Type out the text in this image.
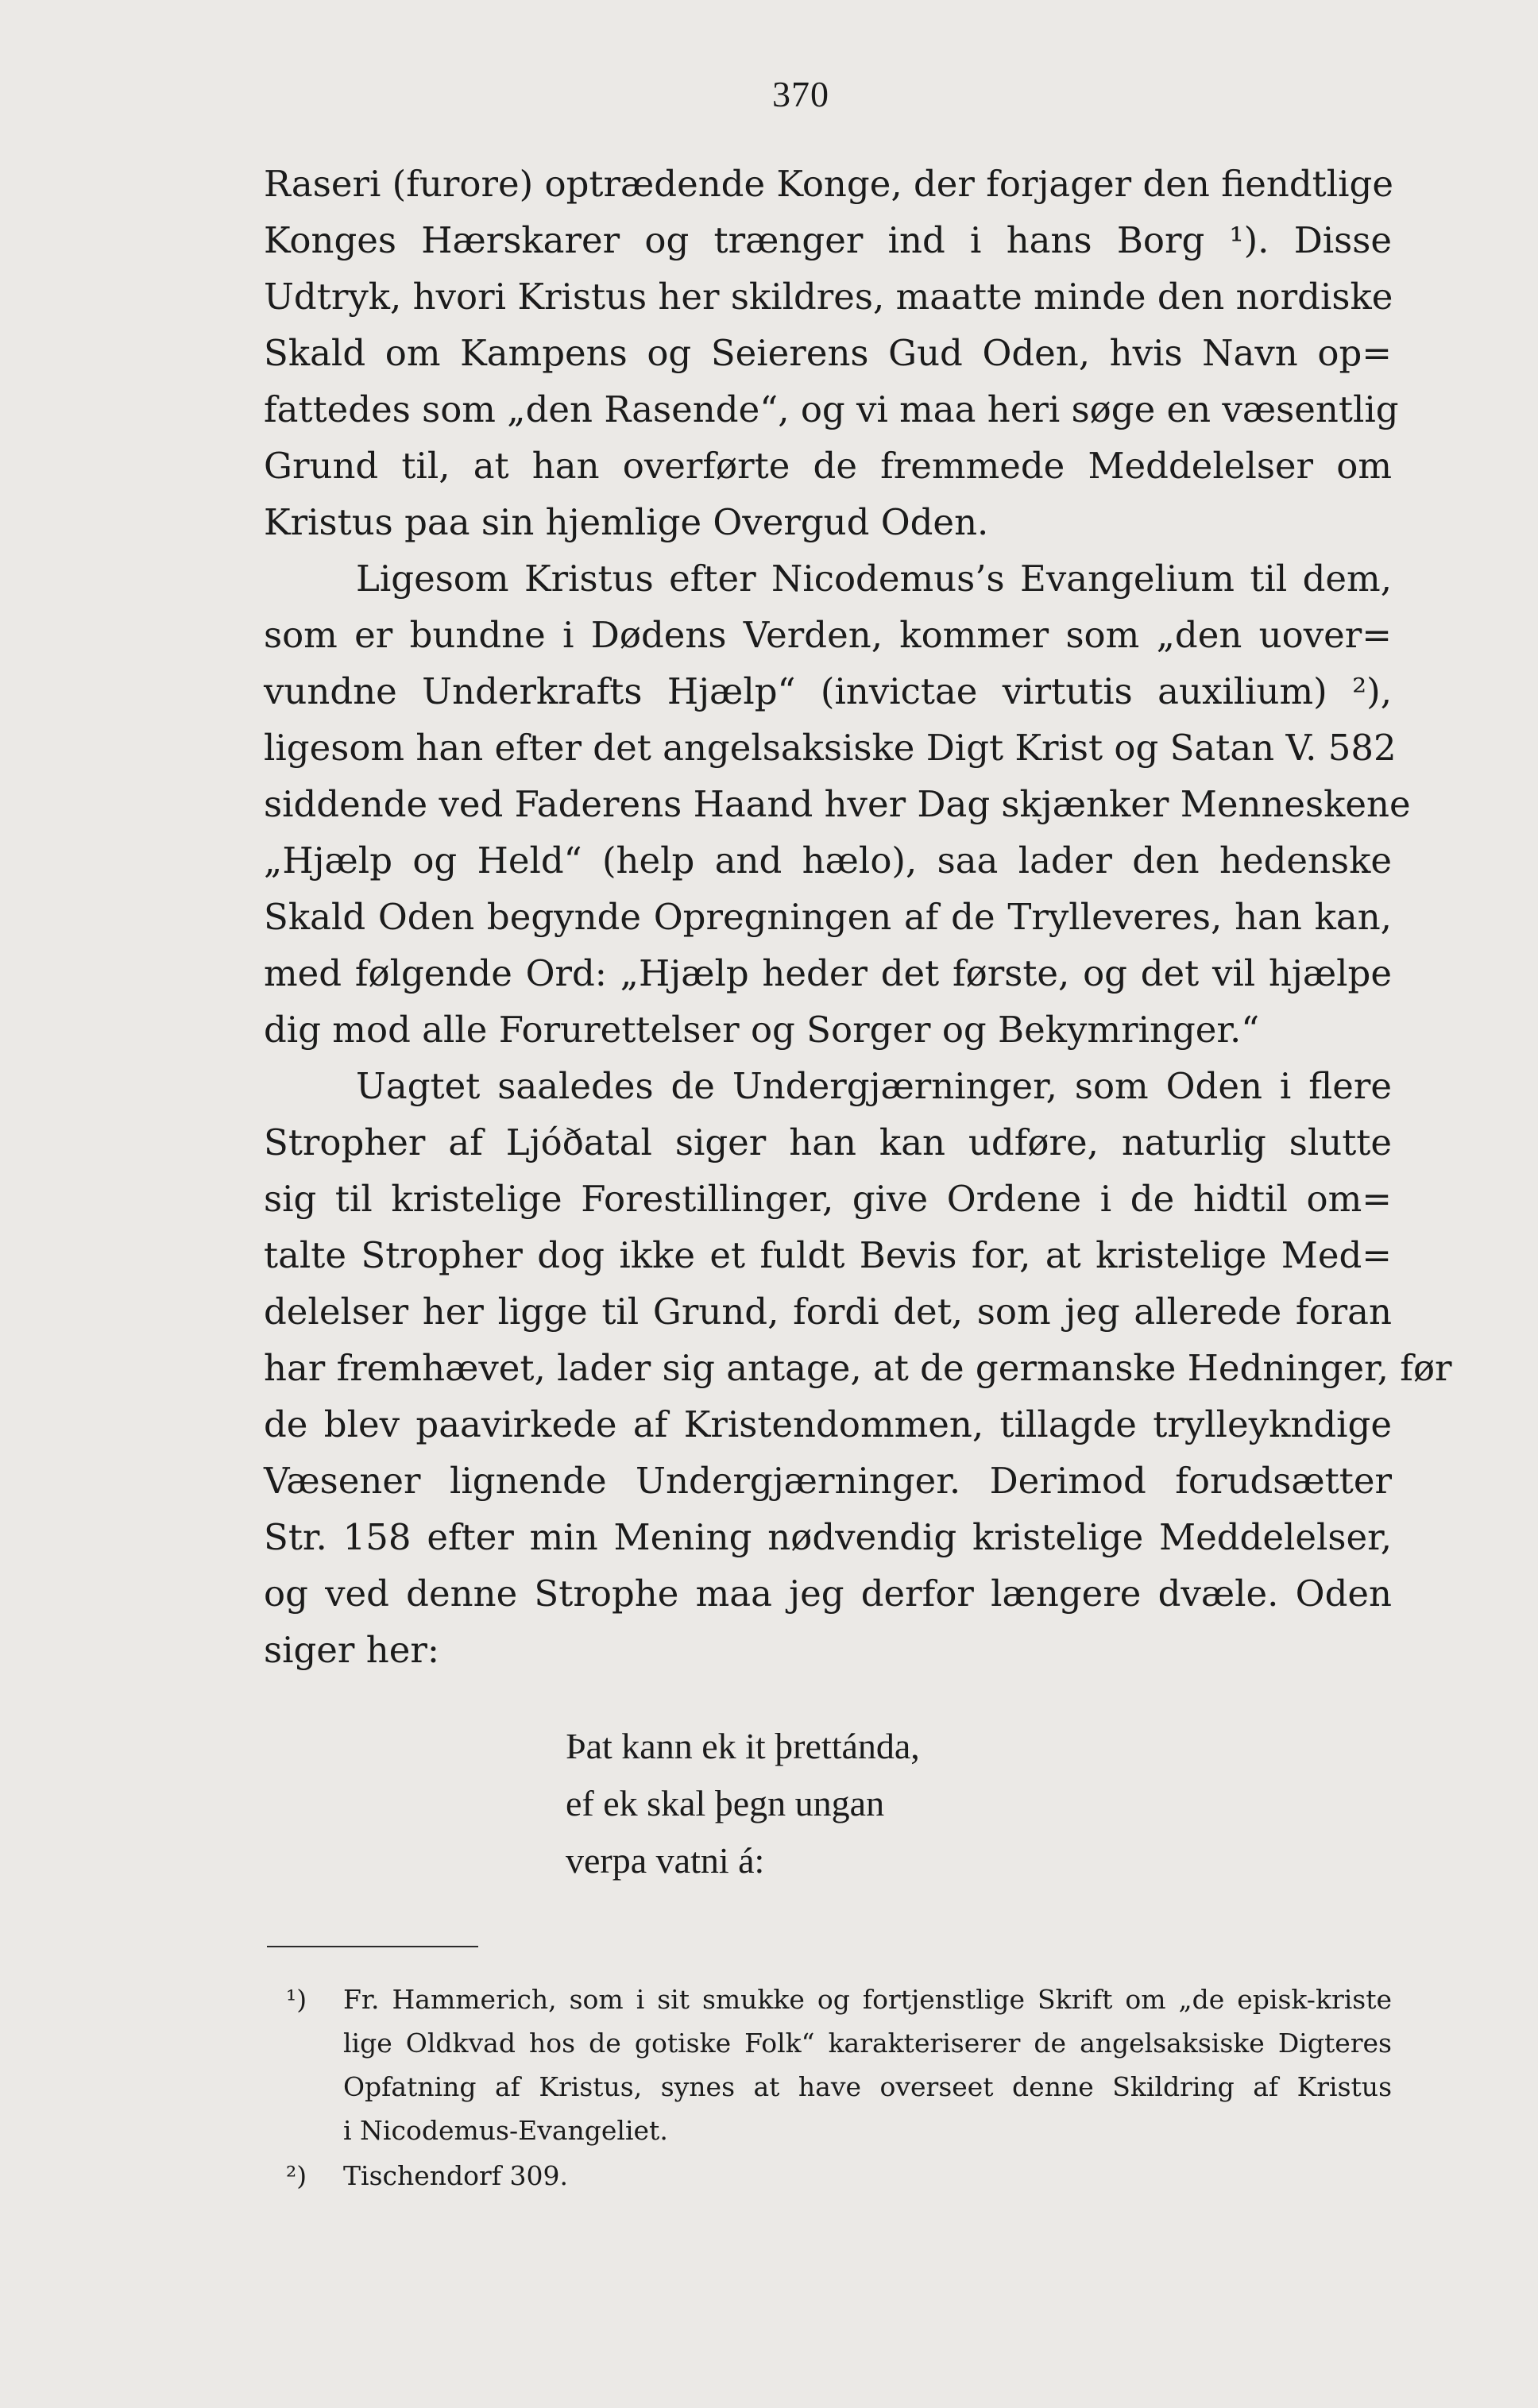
370
Raseri (furore) optrædende Konge, der forjager den fiendtlige
Konges Hærskarer og trænger ind i hans Borg ¹). Disse
Udtryk, hvori Kristus her skildres, maatte minde den nordiske
Skald om Kampens og Seierens Gud Oden, hvis Navn op=
fattedes som „den Rasende“, og vi maa heri søge en væsentlig
Grund til, at han overførte de fremmede Meddelelser om
Kristus paa sin hjemlige Overgud Oden.
Ligesom Kristus efter Nicodemus’s Evangelium til dem,
som er bundne i Dødens Verden, kommer som „den uover=
vundne Underkrafts Hjælp“ (invictae virtutis auxilium) ²),
ligesom han efter det angelsaksiske Digt Krist og Satan V. 582
siddende ved Faderens Haand hver Dag skjænker Menneskene
„Hjælp og Held“ (help and hælo), saa lader den hedenske
Skald Oden begynde Opregningen af de Trylleveres, han kan,
med følgende Ord: „Hjælp heder det første, og det vil hjælpe
dig mod alle Forurettelser og Sorger og Bekymringer.“
Uagtet saaledes de Undergjærninger, som Oden i flere
Stropher af Ljóðatal siger han kan udføre, naturlig slutte
sig til kristelige Forestillinger, give Ordene i de hidtil om=
talte Stropher dog ikke et fuldt Bevis for, at kristelige Med=
delelser her ligge til Grund, fordi det, som jeg allerede foran
har fremhævet, lader sig antage, at de germanske Hedninger, før
de blev paavirkede af Kristendommen, tillagde trylleykndige
Væsener lignende Undergjærninger. Derimod forudsætter
Str. 158 efter min Mening nødvendig kristelige Meddelelser,
og ved denne Strophe maa jeg derfor længere dvæle. Oden
siger her:
Þat kann ek it þrettánda,
ef ek skal þegn ungan
verpa vatni á:
¹)	Fr. Hammerich, som i sit smukke og fortjenstlige Skrift om „de episk-kriste
lige Oldkvad hos de gotiske Folk“ karakteriserer de angelsaksiske Digteres
Opfatning af Kristus, synes at have overseet denne Skildring af Kristus
i Nicodemus-Evangeliet.
²)	Tischendorf 309.
